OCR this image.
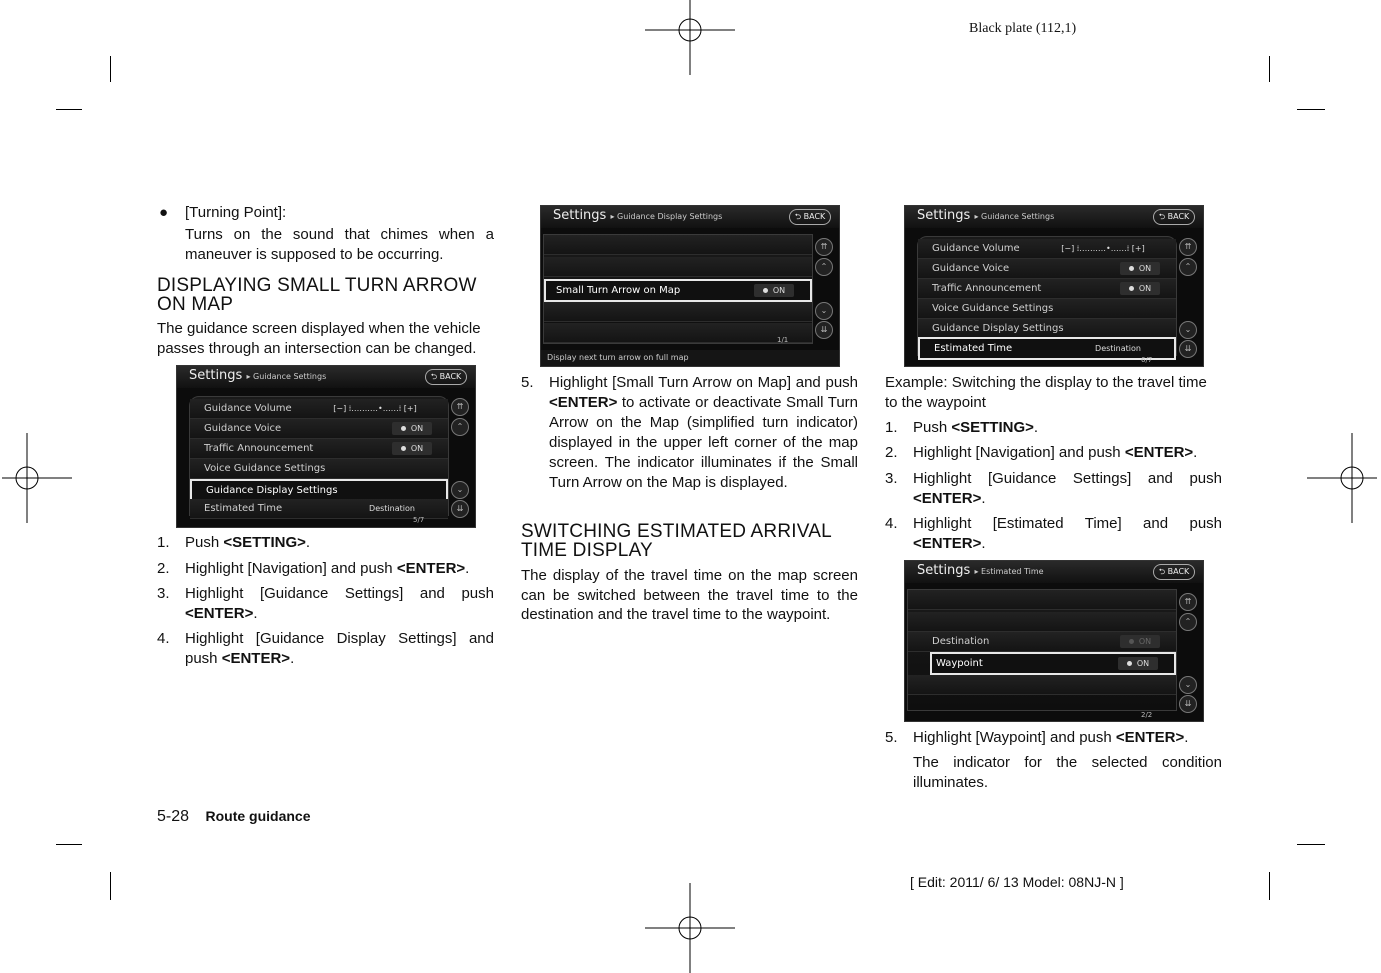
Black plate (112,1)
●	[Turning Point]:
Turns on the sound that chimes when a maneuver is supposed to be occurring.
DISPLAYING SMALL TURN ARROW
ON MAP
The guidance screen displayed when the vehicle
passes through an intersection can be changed.
Settings ▸ Guidance Settings	⮌ BACK
Guidance Volume	[−] ⁞‥‥‥‥‥•‥‥‥⁞ [+]
Guidance Voice	ON
Traffic Announcement	ON
Voice Guidance Settings
Guidance Display Settings
Estimated Time	Destination
⇈
⌃
⌄
⇊
5/7
1. Push <SETTING>.
2. Highlight [Navigation] and push <ENTER>.
3. Highlight [Guidance Settings] and push <ENTER>.
4. Highlight [Guidance Display Settings] and push <ENTER>.
5-28 Route guidance
Settings ▸ Guidance Display Settings	⮌ BACK
Small Turn Arrow on Map	ON
⇈
⌃
⌄
⇊
1/1
Display next turn arrow on full map
5. Highlight [Small Turn Arrow on Map] and push <ENTER> to activate or deactivate Small Turn Arrow on the Map (simplified turn indicator) displayed in the upper left corner of the map screen. The indicator illuminates if the Small Turn Arrow on the Map is displayed.
SWITCHING ESTIMATED ARRIVAL
TIME DISPLAY
The display of the travel time on the map screen can be switched between the travel time to the destination and the travel time to the waypoint.
Settings ▸ Guidance Settings	⮌ BACK
Guidance Volume	[−] ⁞‥‥‥‥‥•‥‥‥⁞ [+]
Guidance Voice	ON
Traffic Announcement	ON
Voice Guidance Settings
Guidance Display Settings
Estimated Time	Destination
⇈
⌃
⌄
⇊
6/7
Example: Switching the display to the travel time to the waypoint
1. Push <SETTING>.
2. Highlight [Navigation] and push <ENTER>.
3. Highlight [Guidance Settings] and push <ENTER>.
4. Highlight [Estimated Time] and push <ENTER>.
Settings ▸ Estimated Time	⮌ BACK
Destination	ON
Waypoint	ON
⇈
⌃
⌄
⇊
2/2
5. Highlight [Waypoint] and push <ENTER>.
The indicator for the selected condition illuminates.
[ Edit: 2011/ 6/ 13 Model: 08NJ-N ]
